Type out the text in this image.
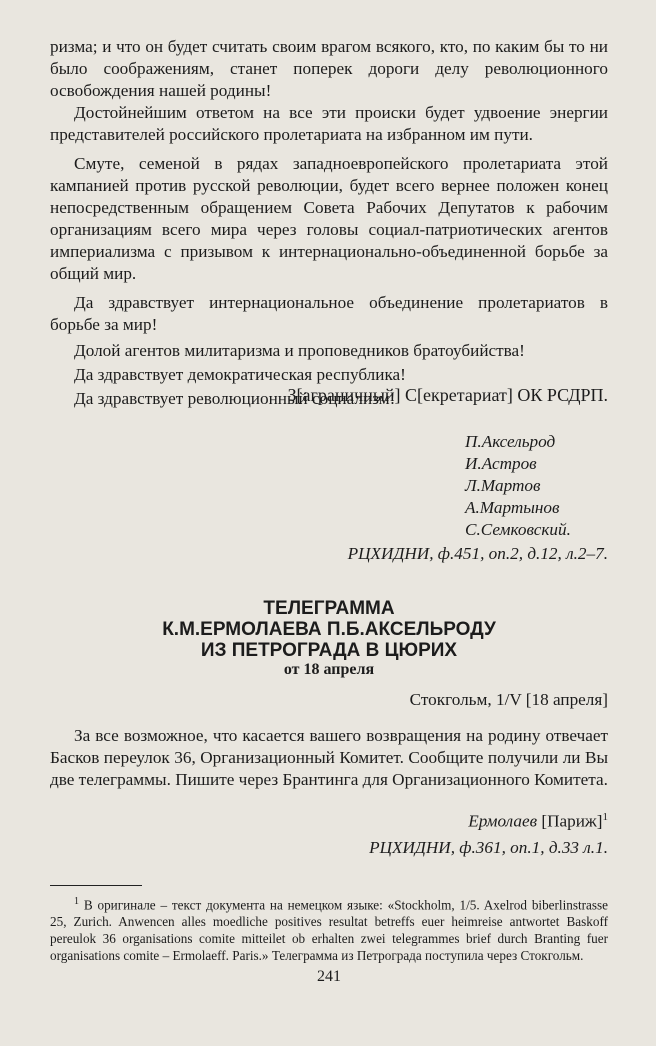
ризма; и что он будет считать своим врагом всякого, кто, по каким бы то ни было соображениям, станет поперек дороги делу революционного освобождения нашей родины!

Достойнейшим ответом на все эти происки будет удвоение энергии представителей российского пролетариата на избранном им пути.

Смуте, семеной в рядах западноевропейского пролетариата этой кампанией против русской революции, будет всего вернее положен конец непосредственным обращением Совета Рабочих Депутатов к рабочим организациям всего мира через головы социал-патриотических агентов империализма с призывом к интернационально-объединенной борьбе за общий мир.

Да здравствует интернациональное объединение пролетариатов в борьбе за мир!

Долой агентов милитаризма и проповедников братоубийства!

Да здравствует демократическая республика!

Да здравствует революционный социализм!

З[аграничный] С[екретариат] ОК РСДРП.

П.Аксельрод
И.Астров
Л.Мартов
А.Мартынов
С.Семковский.

РЦХИДНИ, ф.451, оп.2, д.12, л.2–7.

ТЕЛЕГРАММА
К.М.ЕРМОЛАЕВА П.Б.АКСЕЛЬРОДУ
ИЗ ПЕТРОГРАДА В ЦЮРИХ
от 18 апреля

Стокгольм, 1/V [18 апреля]

За все возможное, что касается вашего возвращения на родину отвечает Басков переулок 36, Организационный Комитет. Сообщите получили ли Вы две телеграммы. Пишите через Брантинга для Организационного Комитета.

Ермолаев [Париж]$^1$

РЦХИДНИ, ф.361, оп.1, д.33 л.1.

$^1$ В оригинале – текст документа на немецком языке: «Stockholm, 1/5. Axelrod biberlinstrasse 25, Zurich. Anwencen alles moedliche positives resultat betreffs euer heimreise antwortet Baskoff pereulok 36 organisations comite mitteilet ob erhalten zwei telegrammes brief durch Branting fuer organisations comite – Ermolaeff. Paris.» Телеграмма из Петрограда поступила через Стокгольм.
241
